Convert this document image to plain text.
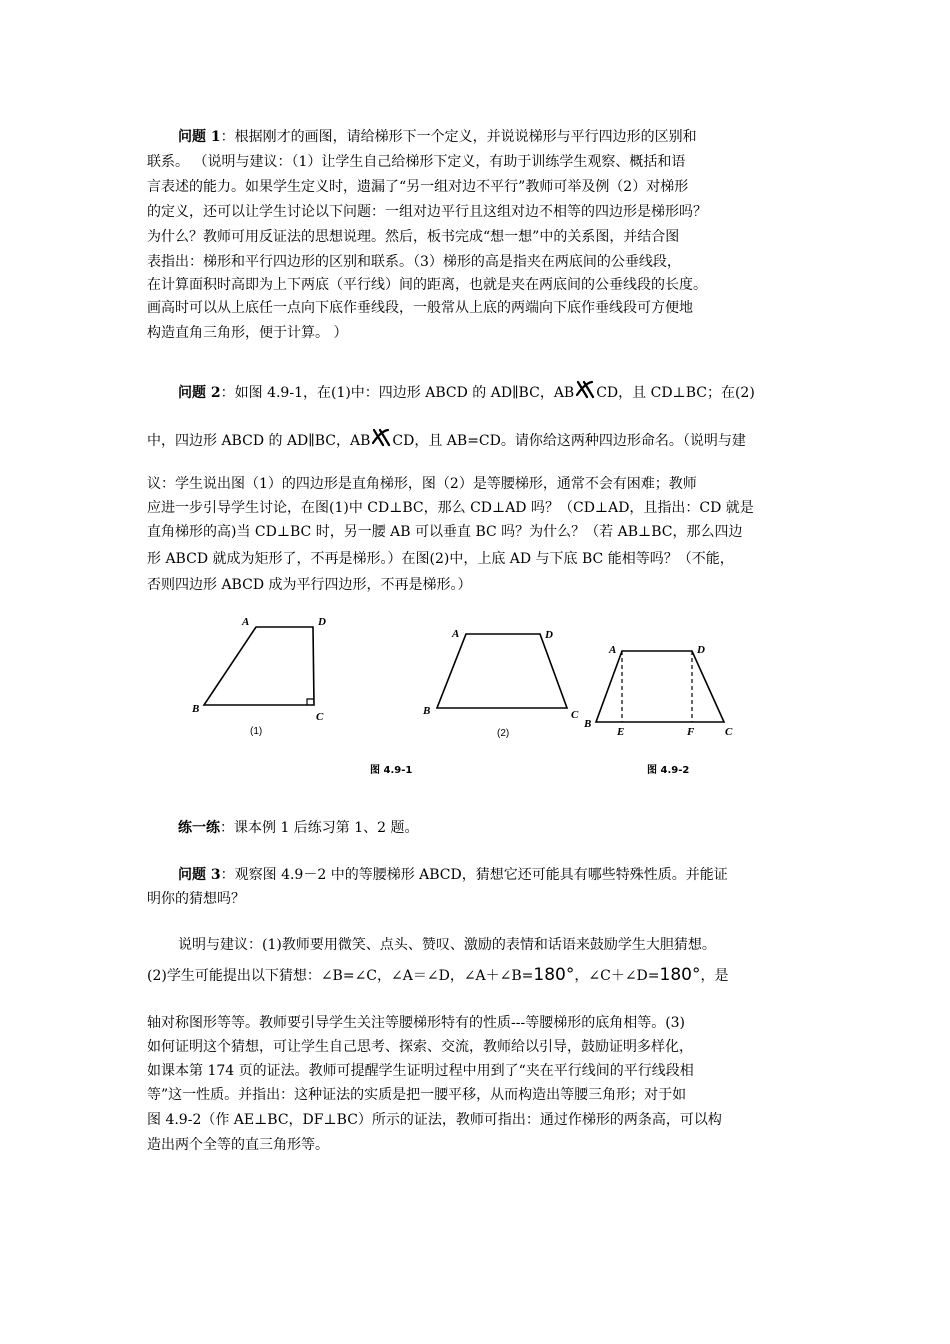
问题 1：根据刚才的画图，请给梯形下一个定义，并说说梯形与平行四边形的区别和
联系。 （说明与建议：（1）让学生自己给梯形下定义，有助于训练学生观察、概括和语
言表述的能力。如果学生定义时，遗漏了“另一组对边不平行”教师可举及例（2）对梯形
的定义，还可以让学生讨论以下问题：一组对边平行且这组对边不相等的四边形是梯形吗？
为什么？教师可用反证法的思想说理。然后，板书完成“想一想”中的关系图，并结合图
表指出：梯形和平行四边形的区别和联系。（3）梯形的高是指夹在两底间的公垂线段，
在计算面积时高即为上下两底（平行线）间的距离，也就是夹在两底间的公垂线段的长度。
画高时可以从上底任一点向下底作垂线段，一般常从上底的两端向下底作垂线段可方便地
构造直角三角形，便于计算。 ）
问题 2：如图 4.9-1，在(1)中：四边形 ABCD 的 AD∥BC，AB CD，且 CD⊥BC；在(2)
中，四边形 ABCD 的 AD∥BC，AB CD，且 AB=CD。请你给这两种四边形命名。（说明与建
议：学生说出图（1）的四边形是直角梯形，图（2）是等腰梯形，通常不会有困难；教师
应进一步引导学生讨论，在图(1)中 CD⊥BC，那么 CD⊥AD 吗？（CD⊥AD，且指出：CD 就是
直角梯形的高)当 CD⊥BC 时，另一腰 AB 可以垂直 BC 吗？为什么？（若 AB⊥BC，那么四边
形 ABCD 就成为矩形了，不再是梯形。）在图(2)中，上底 AD 与下底 BC 能相等吗？（不能，
否则四边形 ABCD 成为平行四边形，不再是梯形。）
A	D
B
C
(1)
A	D
B	C
(2)
A	D
B
E	F	C
图 4.9-1	图 4.9-2
练一练：课本例 1 后练习第 1、2 题。
问题 3：观察图 4.9－2 中的等腰梯形 ABCD，猜想它还可能具有哪些特殊性质。并能证
明你的猜想吗？
说明与建议：(1)教师要用微笑、点头、赞叹、激励的表情和话语来鼓励学生大胆猜想。
(2)学生可能提出以下猜想：∠B=∠C，∠A＝∠D，∠A＋∠B=180°，∠C＋∠D=180°，是
轴对称图形等等。教师要引导学生关注等腰梯形特有的性质---等腰梯形的底角相等。(3)
如何证明这个猜想，可让学生自己思考、探索、交流，教师给以引导，鼓励证明多样化，
如课本第 174 页的证法。教师可提醒学生证明过程中用到了“夹在平行线间的平行线段相
等”这一性质。并指出：这种证法的实质是把一腰平移，从而构造出等腰三角形；对于如
图 4.9-2（作 AE⊥BC，DF⊥BC）所示的证法，教师可指出：通过作梯形的两条高，可以构
造出两个全等的直三角形等。
